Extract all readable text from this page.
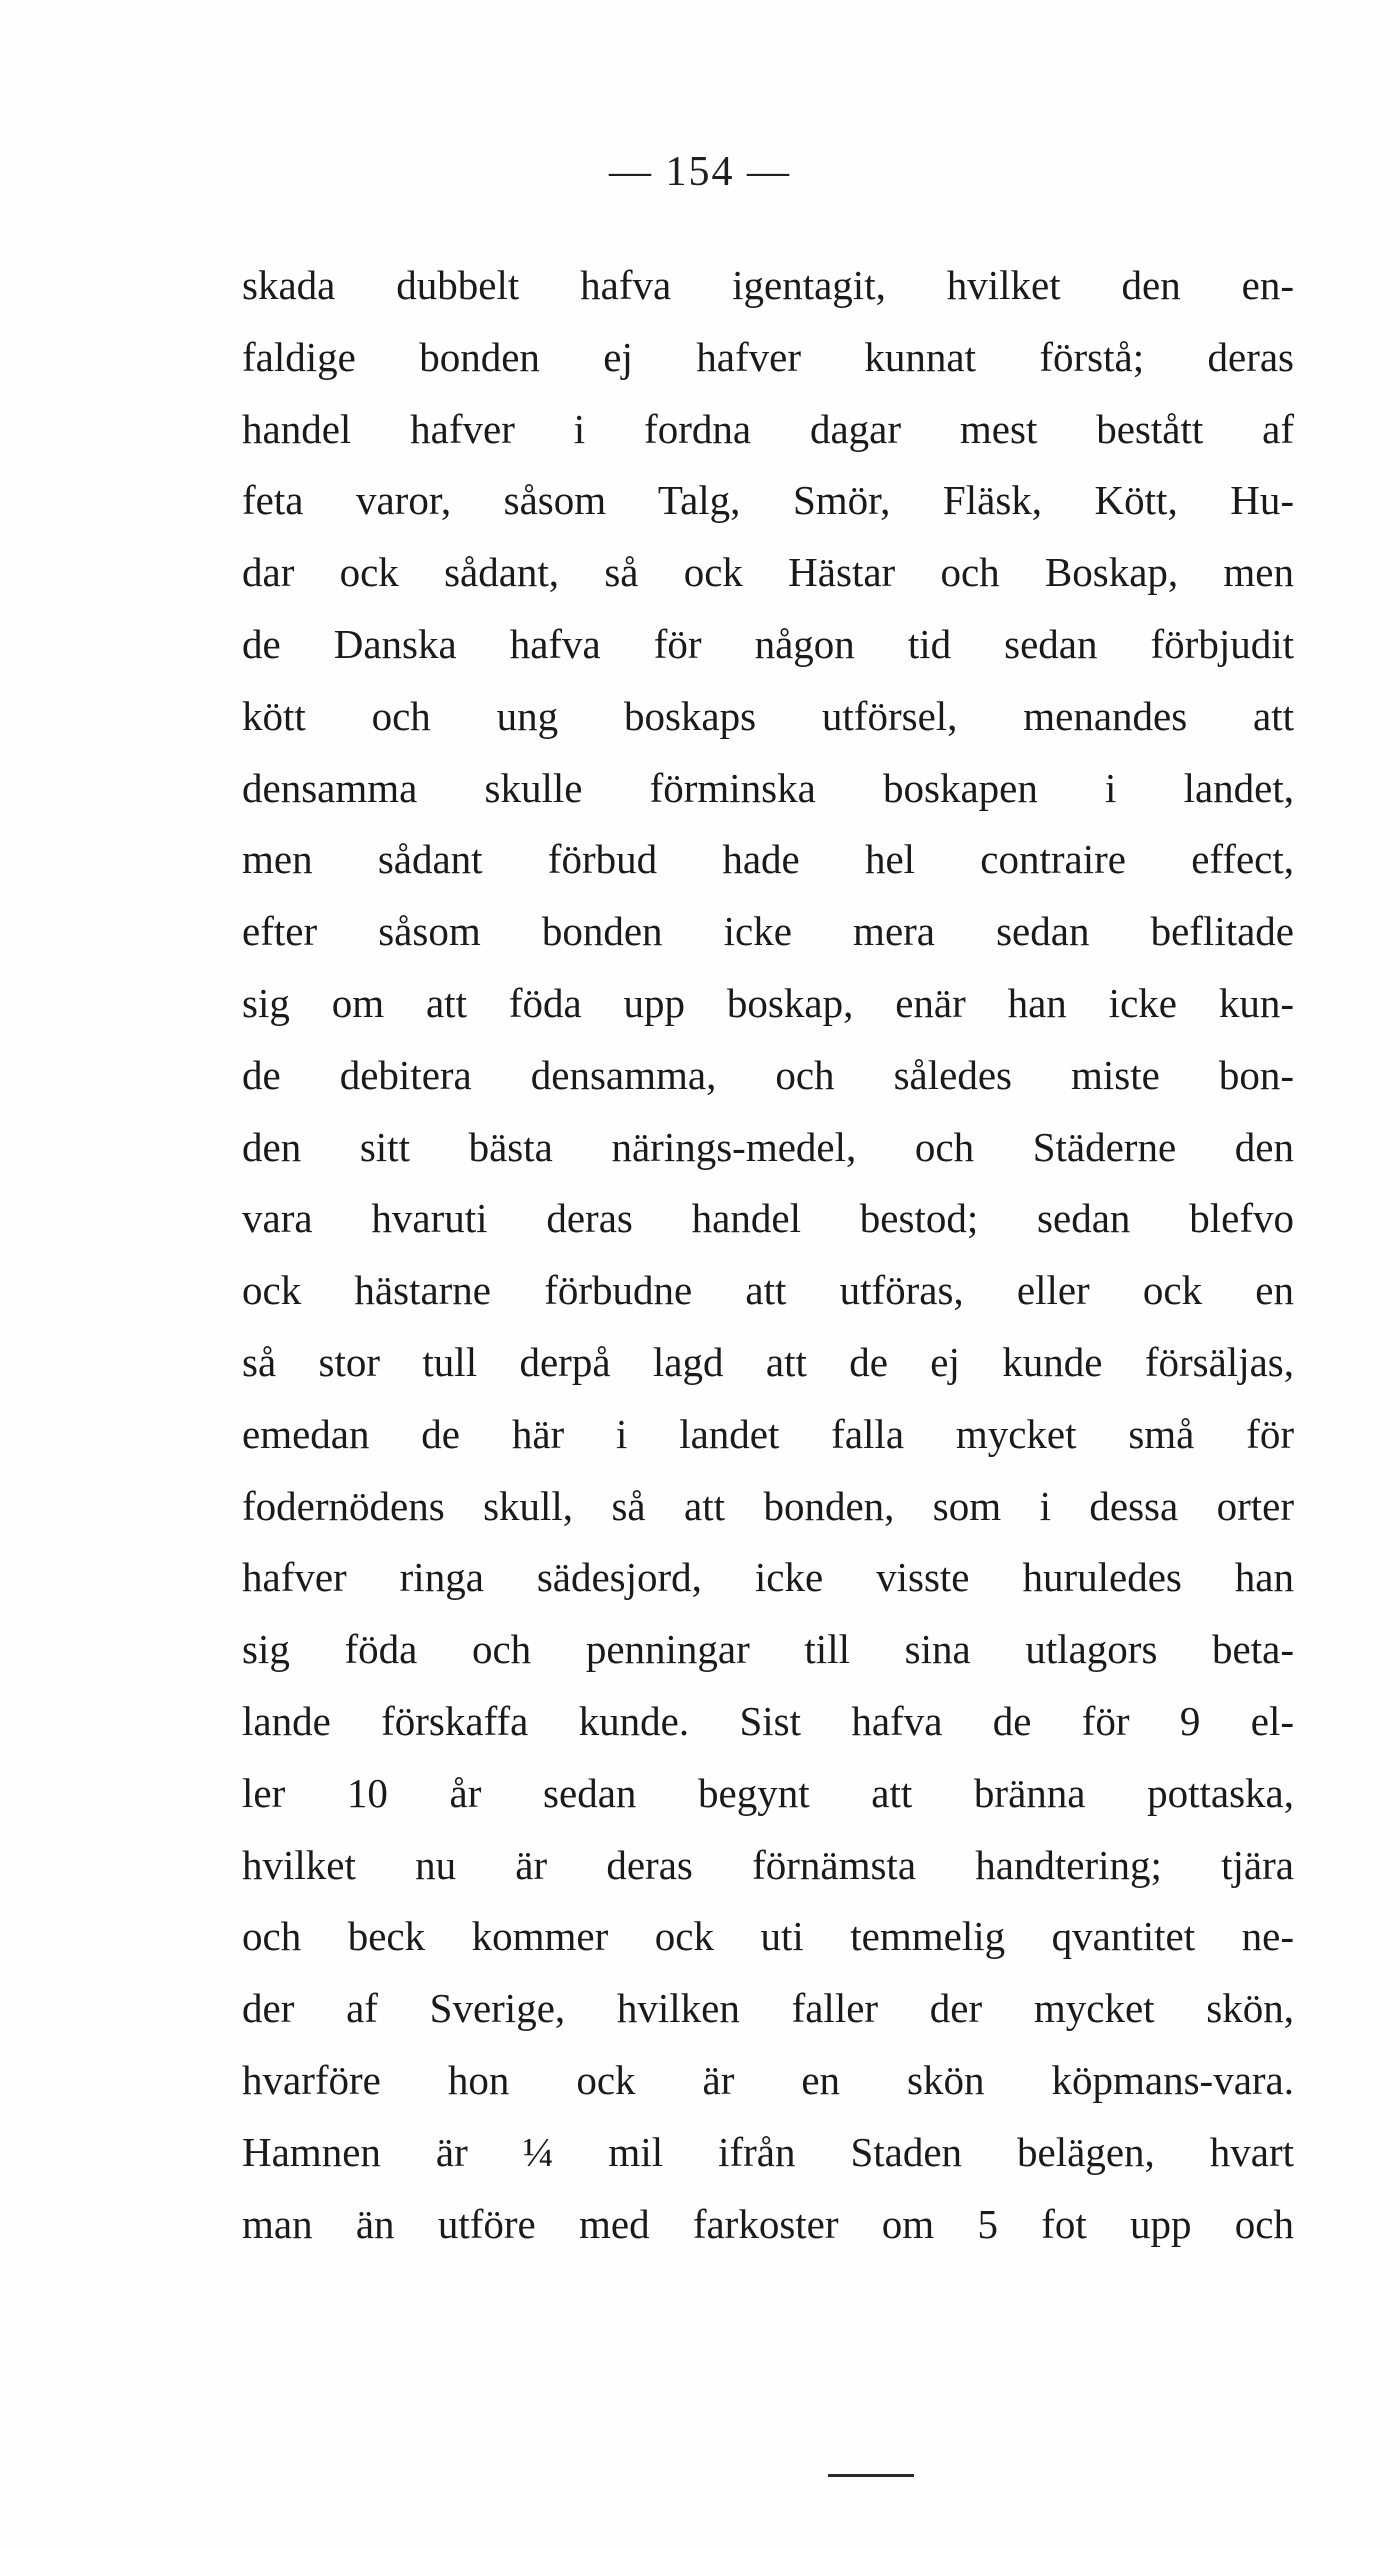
— 154 —
skada dubbelt hafva igentagit, hvilket den en-
faldige bonden ej hafver kunnat förstå; deras
handel hafver i fordna dagar mest bestått af
feta varor, såsom Talg, Smör, Fläsk, Kött, Hu-
dar ock sådant, så ock Hästar och Boskap, men
de Danska hafva för någon tid sedan förbjudit
kött och ung boskaps utförsel, menandes att
densamma skulle förminska boskapen i landet,
men sådant förbud hade hel contraire effect,
efter såsom bonden icke mera sedan beflitade
sig om att föda upp boskap, enär han icke kun-
de debitera densamma, och således miste bon-
den sitt bästa närings-medel, och Städerne den
vara hvaruti deras handel bestod; sedan blefvo
ock hästarne förbudne att utföras, eller ock en
så stor tull derpå lagd att de ej kunde försäljas,
emedan de här i landet falla mycket små för
fodernödens skull, så att bonden, som i dessa orter
hafver ringa sädesjord, icke visste huruledes han
sig föda och penningar till sina utlagors beta-
lande förskaffa kunde. Sist hafva de för 9 el-
ler 10 år sedan begynt att bränna pottaska,
hvilket nu är deras förnämsta handtering; tjära
och beck kommer ock uti temmelig qvantitet ne-
der af Sverige, hvilken faller der mycket skön,
hvarföre hon ock är en skön köpmans-vara.
Hamnen är ¼ mil ifrån Staden belägen, hvart
man än utföre med farkoster om 5 fot upp och
